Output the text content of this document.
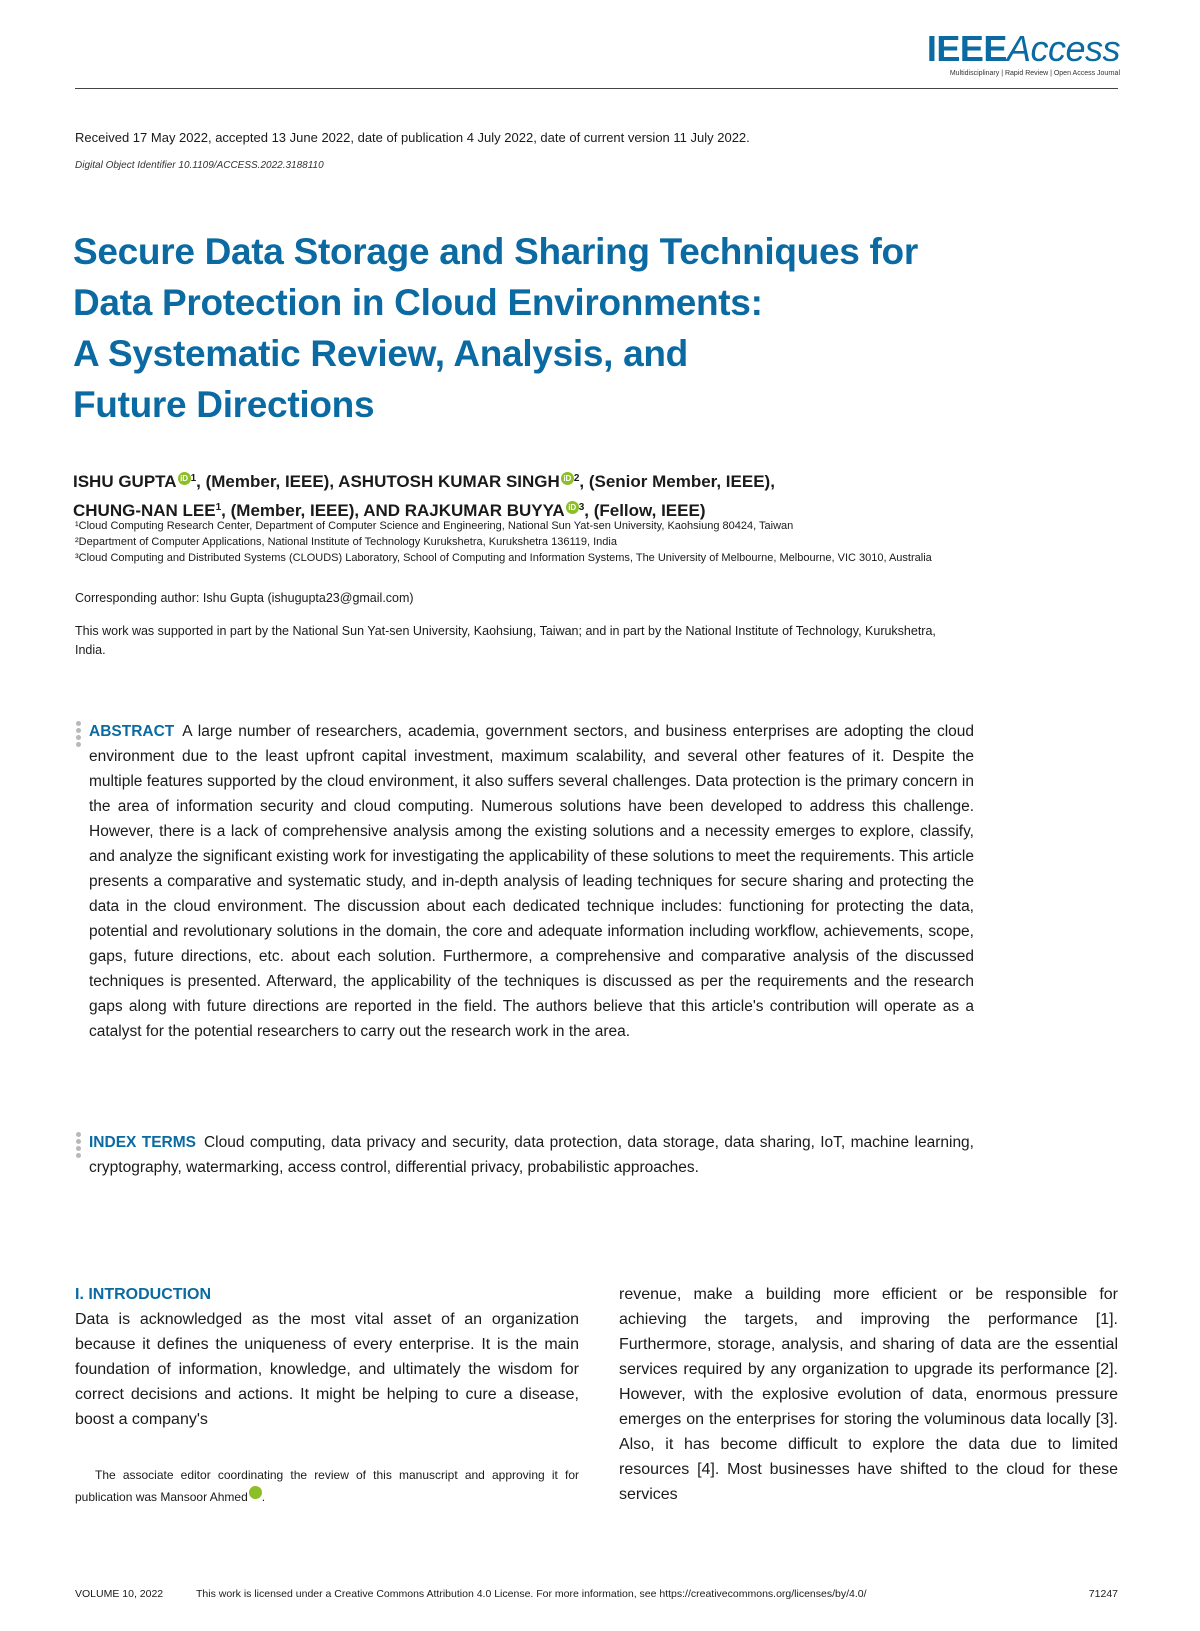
IEEEAccess
Multidisciplinary | Rapid Review | Open Access Journal
Received 17 May 2022, accepted 13 June 2022, date of publication 4 July 2022, date of current version 11 July 2022.
Digital Object Identifier 10.1109/ACCESS.2022.3188110
Secure Data Storage and Sharing Techniques for
Data Protection in Cloud Environments:
A Systematic Review, Analysis, and
Future Directions
ISHU GUPTA iD $^1$, (Member, IEEE), ASHUTOSH KUMAR SINGH iD $^2$, (Senior Member, IEEE),
CHUNG-NAN LEE$^1$, (Member, IEEE), AND RAJKUMAR BUYYA iD $^3$, (Fellow, IEEE)

¹Cloud Computing Research Center, Department of Computer Science and Engineering, National Sun Yat-sen University, Kaohsiung 80424, Taiwan

²Department of Computer Applications, National Institute of Technology Kurukshetra, Kurukshetra 136119, India

³Cloud Computing and Distributed Systems (CLOUDS) Laboratory, School of Computing and Information Systems, The University of Melbourne, Melbourne, VIC 3010, Australia

Corresponding author: Ishu Gupta (ishugupta23@gmail.com)
This work was supported in part by the National Sun Yat-sen University, Kaohsiung, Taiwan; and in part by the National Institute of Technology, Kurukshetra, India.
ABSTRACT A large number of researchers, academia, government sectors, and business enterprises are adopting the cloud environment due to the least upfront capital investment, maximum scalability, and several other features of it. Despite the multiple features supported by the cloud environment, it also suffers several challenges. Data protection is the primary concern in the area of information security and cloud computing. Numerous solutions have been developed to address this challenge. However, there is a lack of comprehensive analysis among the existing solutions and a necessity emerges to explore, classify, and analyze the significant existing work for investigating the applicability of these solutions to meet the requirements. This article presents a comparative and systematic study, and in-depth analysis of leading techniques for secure sharing and protecting the data in the cloud environment. The discussion about each dedicated technique includes: functioning for protecting the data, potential and revolutionary solutions in the domain, the core and adequate information including workflow, achievements, scope, gaps, future directions, etc. about each solution. Furthermore, a comprehensive and comparative analysis of the discussed techniques is presented. Afterward, the applicability of the techniques is discussed as per the requirements and the research gaps along with future directions are reported in the field. The authors believe that this article's contribution will operate as a catalyst for the potential researchers to carry out the research work in the area.
INDEX TERMS Cloud computing, data privacy and security, data protection, data storage, data sharing, IoT, machine learning, cryptography, watermarking, access control, differential privacy, probabilistic approaches.

I. INTRODUCTION

Data is acknowledged as the most vital asset of an organization because it defines the uniqueness of every enterprise. It is the main foundation of information, knowledge, and ultimately the wisdom for correct decisions and actions. It might be helping to cure a disease, boost a company's

revenue, make a building more efficient or be responsible for achieving the targets, and improving the performance [1]. Furthermore, storage, analysis, and sharing of data are the essential services required by any organization to upgrade its performance [2]. However, with the explosive evolution of data, enormous pressure emerges on the enterprises for storing the voluminous data locally [3]. Also, it has become difficult to explore the data due to limited resources [4]. Most businesses have shifted to the cloud for these services

The associate editor coordinating the review of this manuscript and approving it for publication was Mansoor Ahmed	iD.

VOLUME 10, 2022	This work is licensed under a Creative Commons Attribution 4.0 License. For more information, see https://creativecommons.org/licenses/by/4.0/	71247
